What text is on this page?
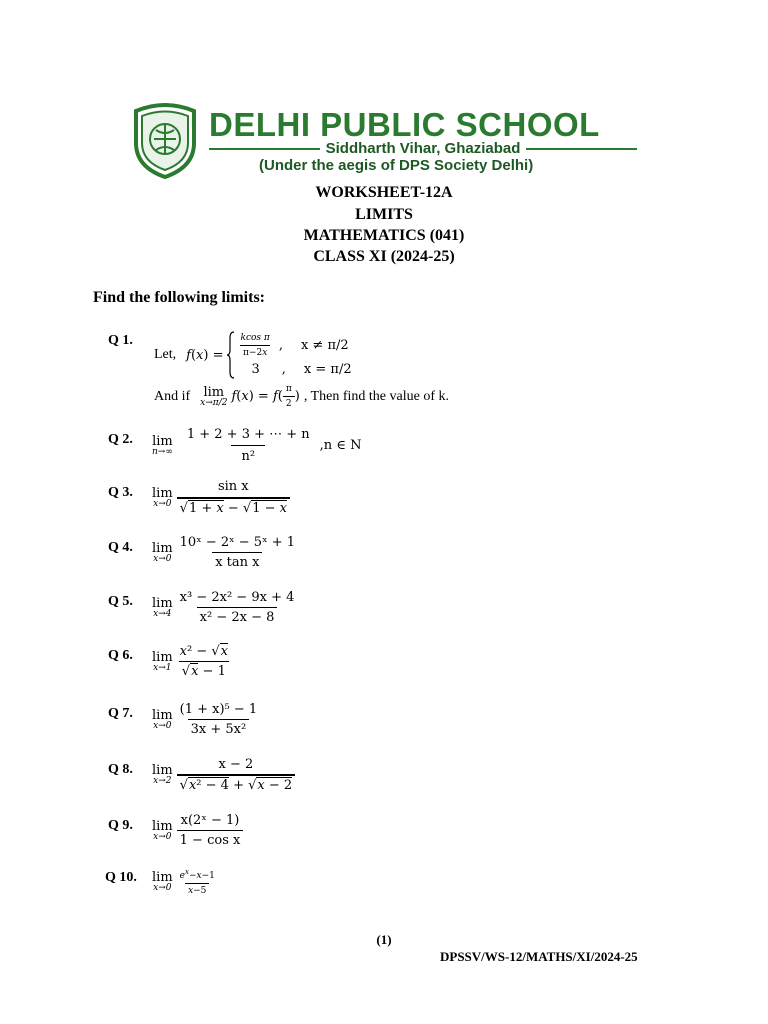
DELHI PUBLIC SCHOOL
Siddharth Vihar, Ghaziabad
(Under the aegis of DPS Society Delhi)
WORKSHEET-12A
LIMITS
MATHEMATICS (041)
CLASS XI (2024-25)
Find the following limits:
Q 1.
Let, $f(x) = \frac{\text{kcos π}}{\pi-2x}$ , x ≠ π/2
3 , x = π/2
And if lim
x→π/2 $f(x) = f( \frac{\pi}{2}$ ) , Then find the value of k.
Q 2. lim
$n\to\infty \frac{1 + 2 + 3 + \cdots + n}{\text{n²}} ,n$ ∈ N
Q 3. lim
$x\to 0 \frac{\text{sin x}}{√1 + x - √1 - x}$
Q 4. lim
$x\to 0 \frac{\text{10ˣ − 2ˣ − 5ˣ + 1}}{\text{x tan x}}$
Q 5. lim
$x\to 4 \frac{\text{x³ − 2x² − 9x + 4}}{\text{x² − 2x − 8}}$
Q 6. lim
$x\to 1 \frac{\text{x² − √x}}{√x - 1}$
Q 7. lim
$x\to 0 \frac{\text{(1 + x)⁵ − 1}}{\text{3x + 5x²}}$
Q 8. lim
$x\to 2 \frac{x - 2}{\text{√x² − 4 + √x − 2}}$
Q 9. lim
$x\to 0 \frac{\text{x(2ˣ − 1)}}{\text{1 − cos x}}$
Q 10. lim
$x\to 0 \frac{e^x-x-1}{x-5}$
(1)
DPSSV/WS-12/MATHS/XI/2024-25
